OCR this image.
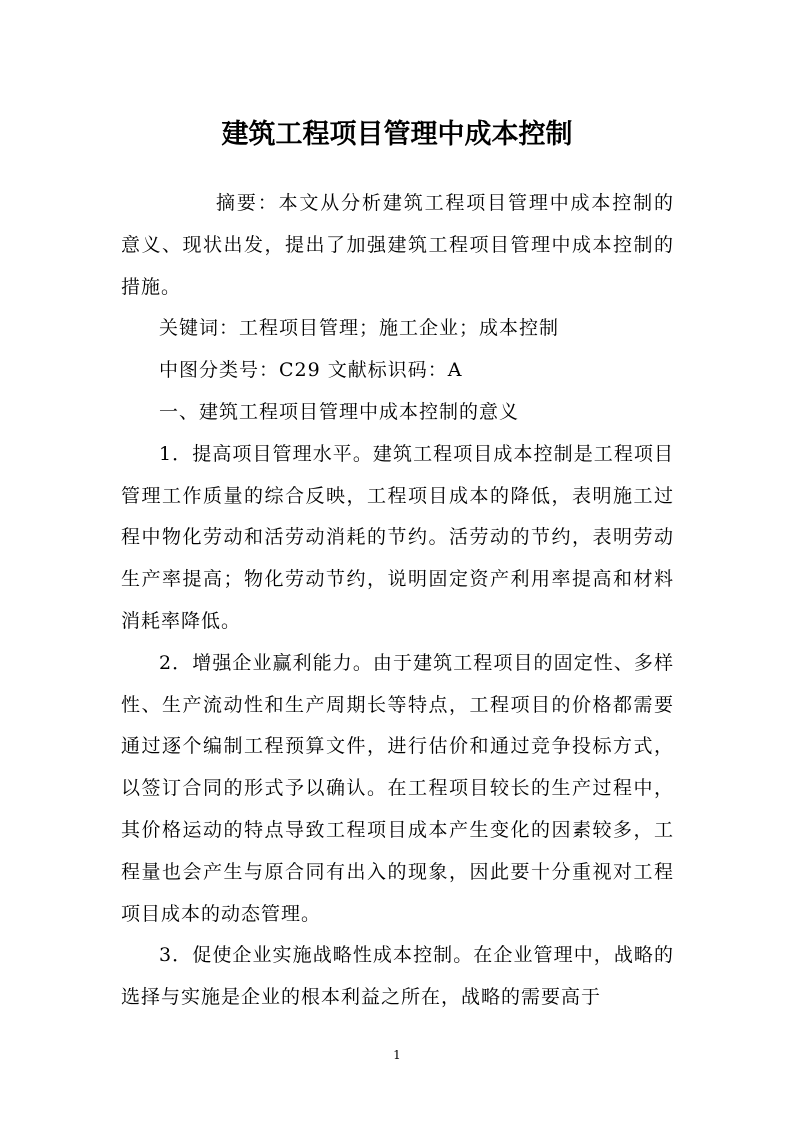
建筑工程项目管理中成本控制

摘要：本文从分析建筑工程项目管理中成本控制的意义、现状出发，提出了加强建筑工程项目管理中成本控制的措施。

关键词：工程项目管理；施工企业；成本控制

中图分类号：C29 文献标识码：A

一、建筑工程项目管理中成本控制的意义

1．提高项目管理水平。建筑工程项目成本控制是工程项目管理工作质量的综合反映，工程项目成本的降低，表明施工过程中物化劳动和活劳动消耗的节约。活劳动的节约，表明劳动生产率提高；物化劳动节约，说明固定资产利用率提高和材料消耗率降低。

2．增强企业赢利能力。由于建筑工程项目的固定性、多样性、生产流动性和生产周期长等特点，工程项目的价格都需要通过逐个编制工程预算文件，进行估价和通过竞争投标方式，以签订合同的形式予以确认。在工程项目较长的生产过程中，其价格运动的特点导致工程项目成本产生变化的因素较多，工程量也会产生与原合同有出入的现象，因此要十分重视对工程项目成本的动态管理。

3．促使企业实施战略性成本控制。在企业管理中，战略的选择与实施是企业的根本利益之所在，战略的需要高于

1
